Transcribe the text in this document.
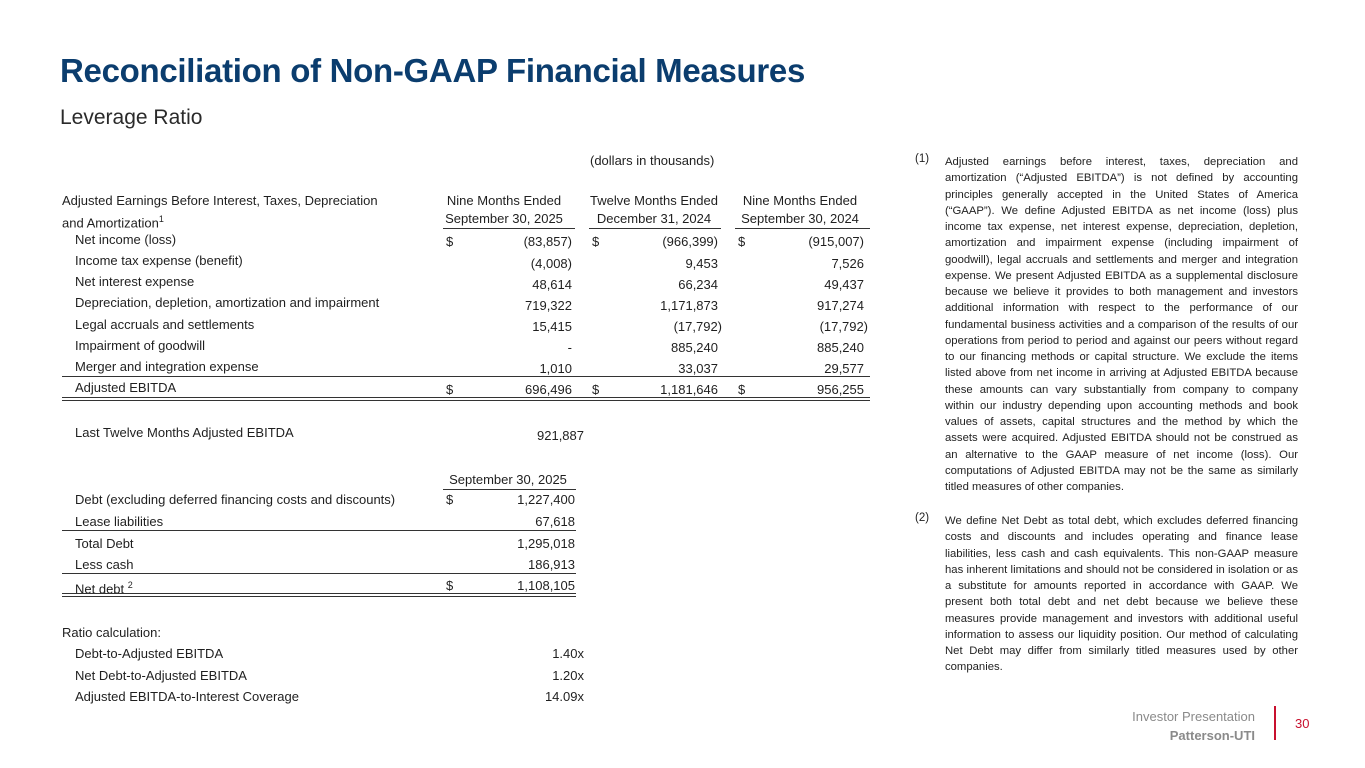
Reconciliation of Non-GAAP Financial Measures
Leverage Ratio
(dollars in thousands)
Adjusted Earnings Before Interest, Taxes, Depreciation
and Amortization$^1$
Nine Months Ended
September 30, 2025
Twelve Months Ended
December 31, 2024
Nine Months Ended
September 30, 2024
Net income (loss)	$	(83,857) $	(966,399) $	(915,007)
Income tax expense (benefit)	(4,008)	9,453	7,526
Net interest expense	48,614	66,234	49,437
Depreciation, depletion, amortization and impairment	719,322	1,171,873	917,274
Legal accruals and settlements	15,415	(17,792)	(17,792)
Impairment of goodwill	-	885,240	885,240
Merger and integration expense	1,010	33,037	29,577
Adjusted EBITDA	$	696,496 $	1,181,646 $	956,255
Last Twelve Months Adjusted EBITDA	921,887
September 30, 2025
Debt (excluding deferred financing costs and discounts)	$	1,227,400
Lease liabilities	67,618
Total Debt	1,295,018
Less cash	186,913
Net debt $^2$	$	1,108,105
Ratio calculation:
Debt-to-Adjusted EBITDA	1.40x
Net Debt-to-Adjusted EBITDA	1.20x
Adjusted EBITDA-to-Interest Coverage	14.09x
(1) Adjusted earnings before interest, taxes, depreciation and amortization (“Adjusted EBITDA”) is not defined by accounting principles generally accepted in the United States of America (“GAAP”). We define Adjusted EBITDA as net income (loss) plus income tax expense, net interest expense, depreciation, depletion, amortization and impairment expense (including impairment of goodwill), legal accruals and settlements and merger and integration expense. We present Adjusted EBITDA as a supplemental disclosure because we believe it provides to both management and investors additional information with respect to the performance of our fundamental business activities and a comparison of the results of our operations from period to period and against our peers without regard to our financing methods or capital structure. We exclude the items listed above from net income in arriving at Adjusted EBITDA because these amounts can vary substantially from company to company within our industry depending upon accounting methods and book values of assets, capital structures and the method by which the assets were acquired. Adjusted EBITDA should not be construed as an alternative to the GAAP measure of net income (loss). Our computations of Adjusted EBITDA may not be the same as similarly titled measures of other companies.
(2) We define Net Debt as total debt, which excludes deferred financing costs and discounts and includes operating and finance lease liabilities, less cash and cash equivalents. This non-GAAP measure has inherent limitations and should not be considered in isolation or as a substitute for amounts reported in accordance with GAAP. We present both total debt and net debt because we believe these measures provide management and investors with additional useful information to assess our liquidity position. Our method of calculating Net Debt may differ from similarly titled measures used by other companies.
Investor Presentation
Patterson-UTI
30
